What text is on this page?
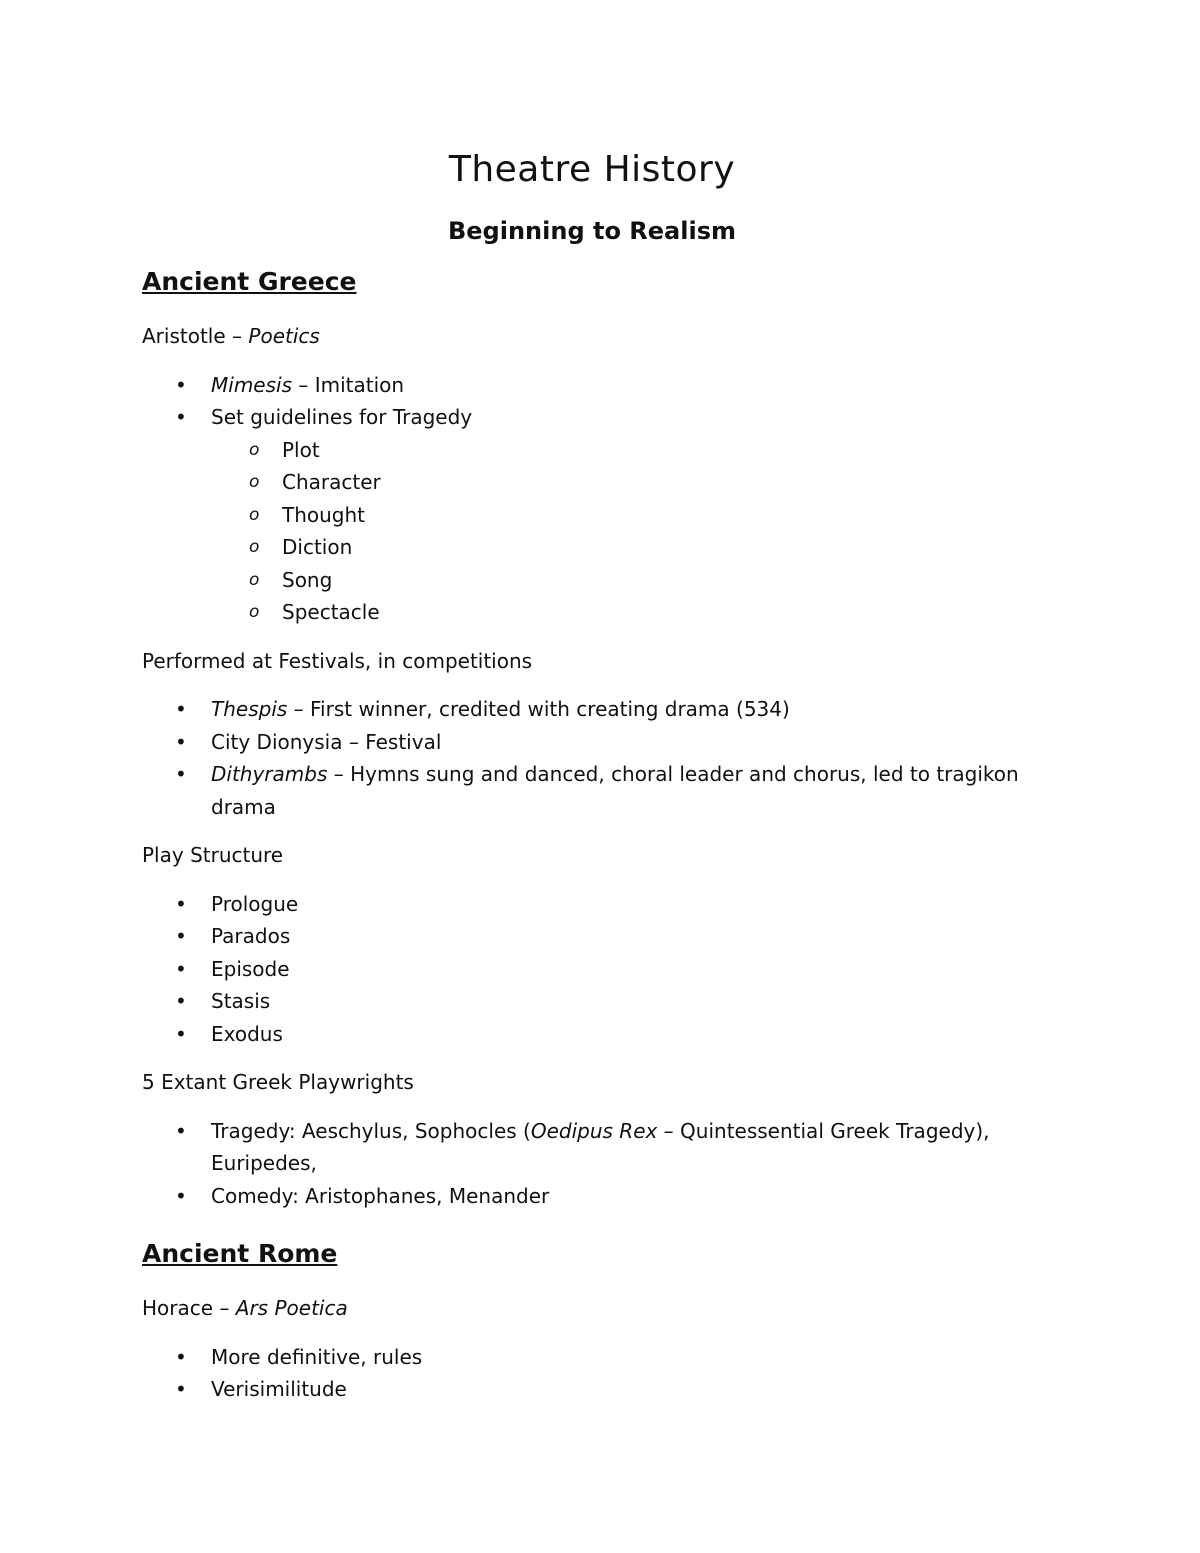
Theatre History
Beginning to Realism
Ancient Greece

Aristotle – Poetics

• Mimesis – Imitation
• Set guidelines for Tragedy
o Plot
o Character
o Thought
o Diction
o Song
o Spectacle

Performed at Festivals, in competitions

• Thespis – First winner, credited with creating drama (534)
• City Dionysia – Festival
• Dithyrambs – Hymns sung and danced, choral leader and chorus, led to tragikon drama

Play Structure

• Prologue
• Parados
• Episode
• Stasis
• Exodus

5 Extant Greek Playwrights

• Tragedy: Aeschylus, Sophocles (Oedipus Rex – Quintessential Greek Tragedy), Euripedes,
• Comedy: Aristophanes, Menander
Ancient Rome

Horace – Ars Poetica

• More definitive, rules
• Verisimilitude
